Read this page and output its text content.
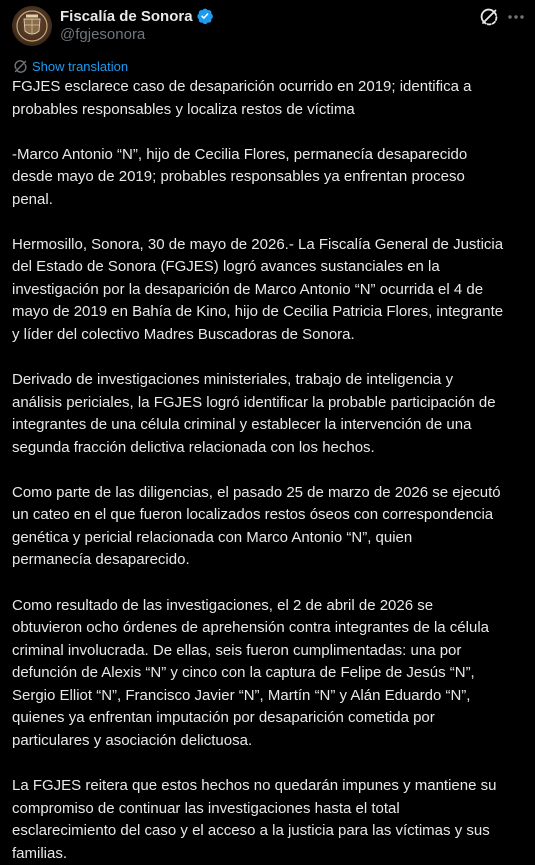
Fiscalía de Sonora
@fgjesonora
Show translation

FGJES esclarece caso de desaparición ocurrido en 2019; identifica a

probables responsables y localiza restos de víctima

-Marco Antonio “N”, hijo de Cecilia Flores, permanecía desaparecido

desde mayo de 2019; probables responsables ya enfrentan proceso

penal.

Hermosillo, Sonora, 30 de mayo de 2026.- La Fiscalía General de Justicia

del Estado de Sonora (FGJES) logró avances sustanciales en la

investigación por la desaparición de Marco Antonio “N” ocurrida el 4 de

mayo de 2019 en Bahía de Kino, hijo de Cecilia Patricia Flores, integrante

y líder del colectivo Madres Buscadoras de Sonora.

Derivado de investigaciones ministeriales, trabajo de inteligencia y

análisis periciales, la FGJES logró identificar la probable participación de

integrantes de una célula criminal y establecer la intervención de una

segunda fracción delictiva relacionada con los hechos.

Como parte de las diligencias, el pasado 25 de marzo de 2026 se ejecutó

un cateo en el que fueron localizados restos óseos con correspondencia

genética y pericial relacionada con Marco Antonio “N”, quien

permanecía desaparecido.

Como resultado de las investigaciones, el 2 de abril de 2026 se

obtuvieron ocho órdenes de aprehensión contra integrantes de la célula

criminal involucrada. De ellas, seis fueron cumplimentadas: una por

defunción de Alexis “N” y cinco con la captura de Felipe de Jesús “N”,

Sergio Elliot “N”, Francisco Javier “N”, Martín “N” y Alán Eduardo “N”,

quienes ya enfrentan imputación por desaparición cometida por

particulares y asociación delictuosa.

La FGJES reitera que estos hechos no quedarán impunes y mantiene su

compromiso de continuar las investigaciones hasta el total

esclarecimiento del caso y el acceso a la justicia para las víctimas y sus

familias.
